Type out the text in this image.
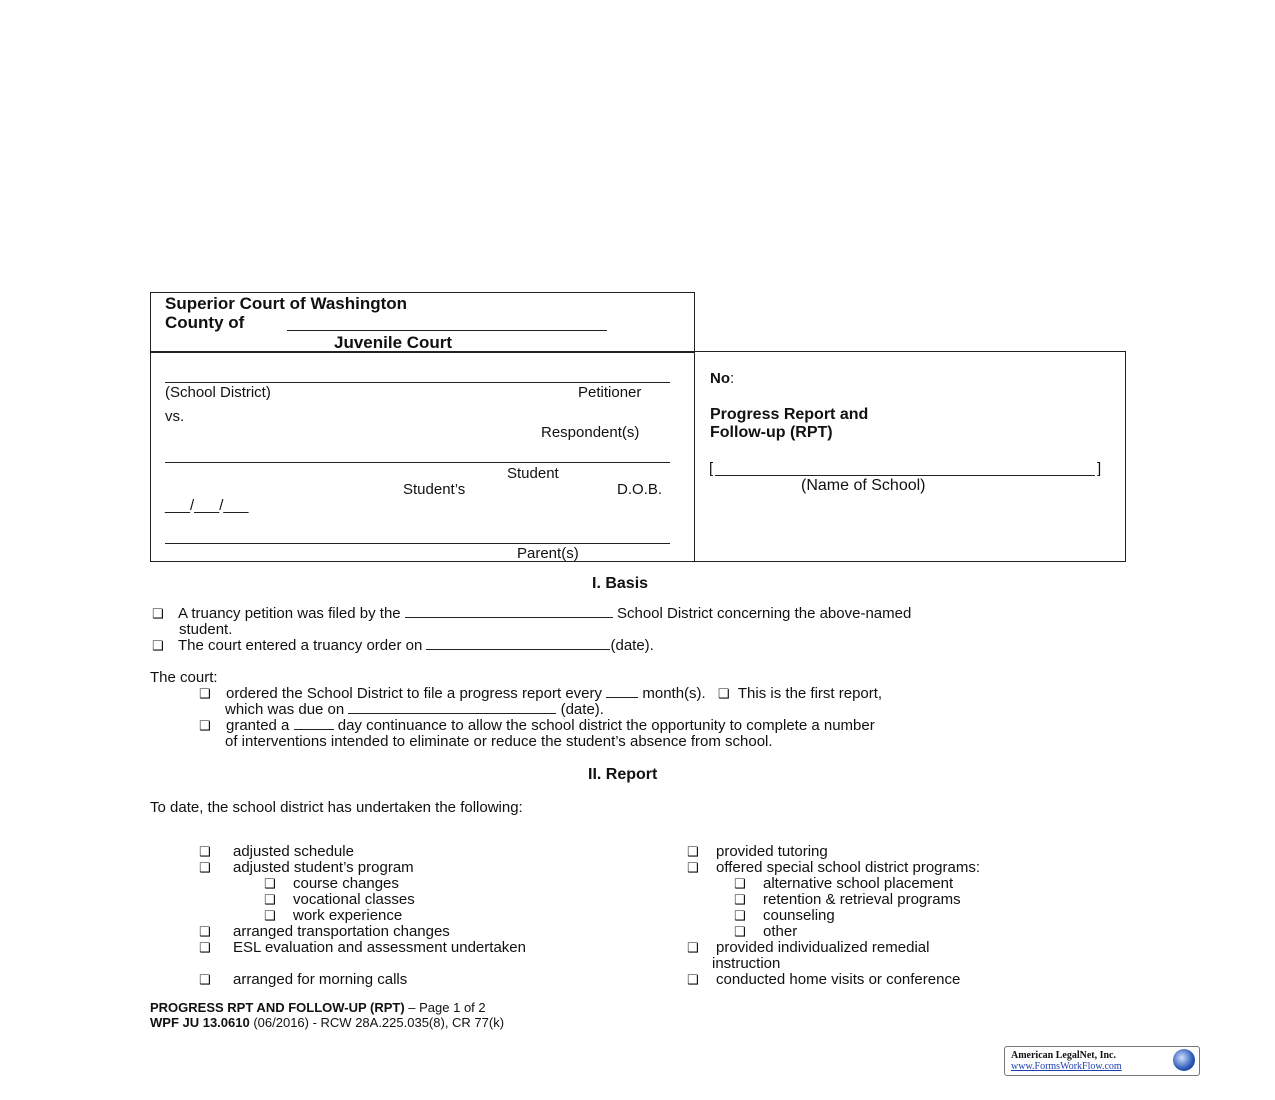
Superior Court of Washington
County of
Juvenile Court
(School District)	Petitioner
vs.
Respondent(s)
Student
Student’s	D.O.B.
___/___/___
Parent(s)
No:
Progress Report and
Follow-up (RPT)
[	]
(Name of School)
I. Basis
❑ A truancy petition was filed by the	School District concerning the above-named
student.
❑ The court entered a truancy order on	(date).
The court:
❑ ordered the School District to file a progress report every	month(s). ❑ This is the first report,
which was due on	(date).
❑ granted a	day continuance to allow the school district the opportunity to complete a number
of interventions intended to eliminate or reduce the student’s absence from school.
II. Report
To date, the school district has undertaken the following:
❑ adjusted schedule
❑ adjusted student’s program
❑ course changes
❑ vocational classes
❑ work experience
❑ arranged transportation changes
❑ ESL evaluation and assessment undertaken
❑ arranged for morning calls
❑ provided tutoring
❑ offered special school district programs:
❑ alternative school placement
❑ retention & retrieval programs
❑ counseling
❑ other
❑ provided individualized remedial
instruction
❑ conducted home visits or conference
PROGRESS RPT AND FOLLOW-UP (RPT) – Page 1 of 2
WPF JU 13.0610 (06/2016) - RCW 28A.225.035(8), CR 77(k)
American LegalNet, Inc.
www.FormsWorkFlow.com
